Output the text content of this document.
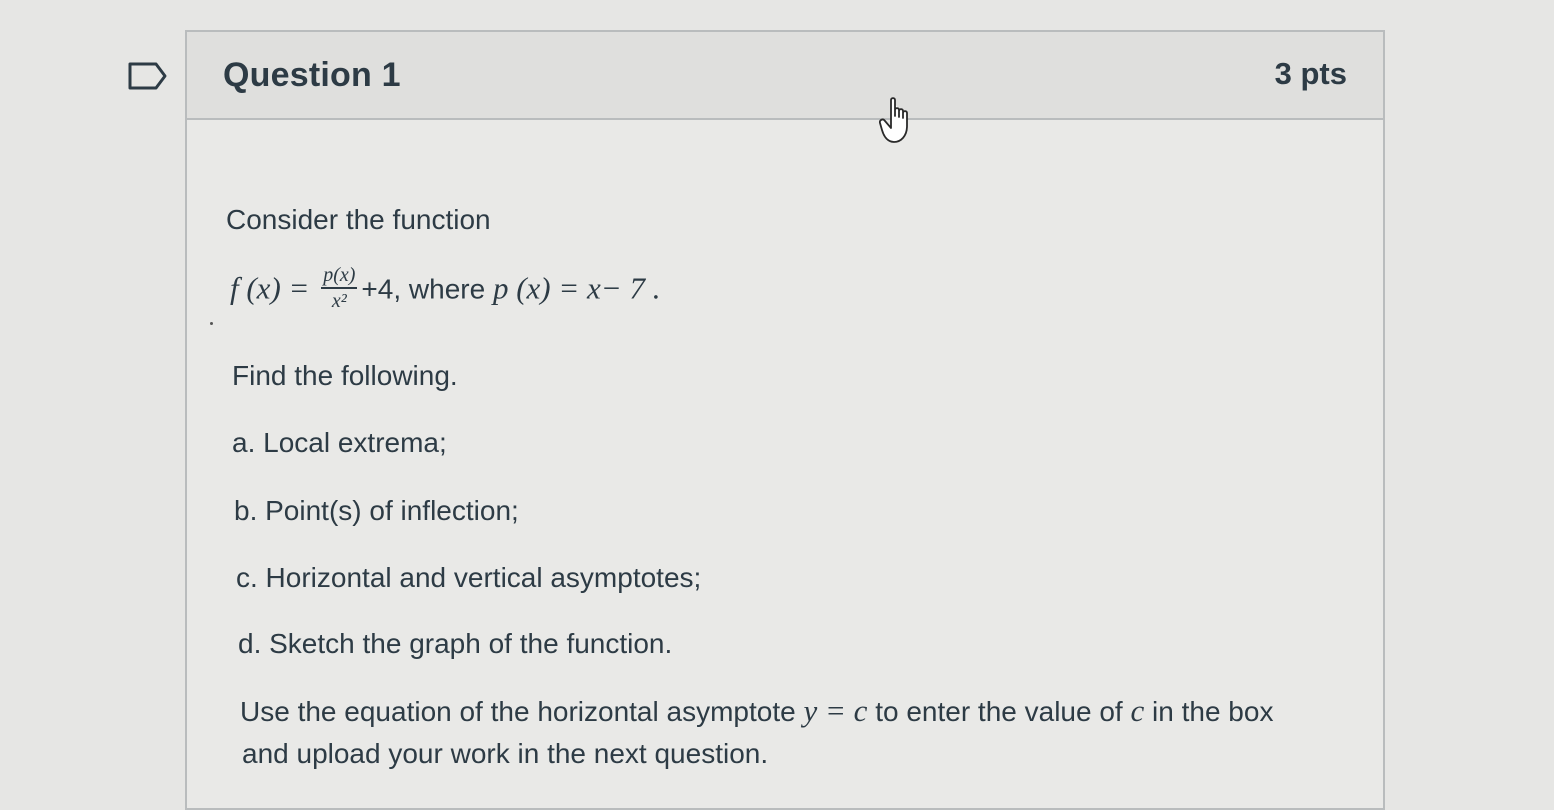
Question 1	3 pts
Consider the function
f $(x) = \frac{p(x)}{\text{x²}} +4$, where p (x) = x− 7 .
Find the following.
a. Local extrema;
b. Point(s) of inflection;
c. Horizontal and vertical asymptotes;
d. Sketch the graph of the function.
Use the equation of the horizontal asymptote y = c to enter the value of c in the box
and upload your work in the next question.
